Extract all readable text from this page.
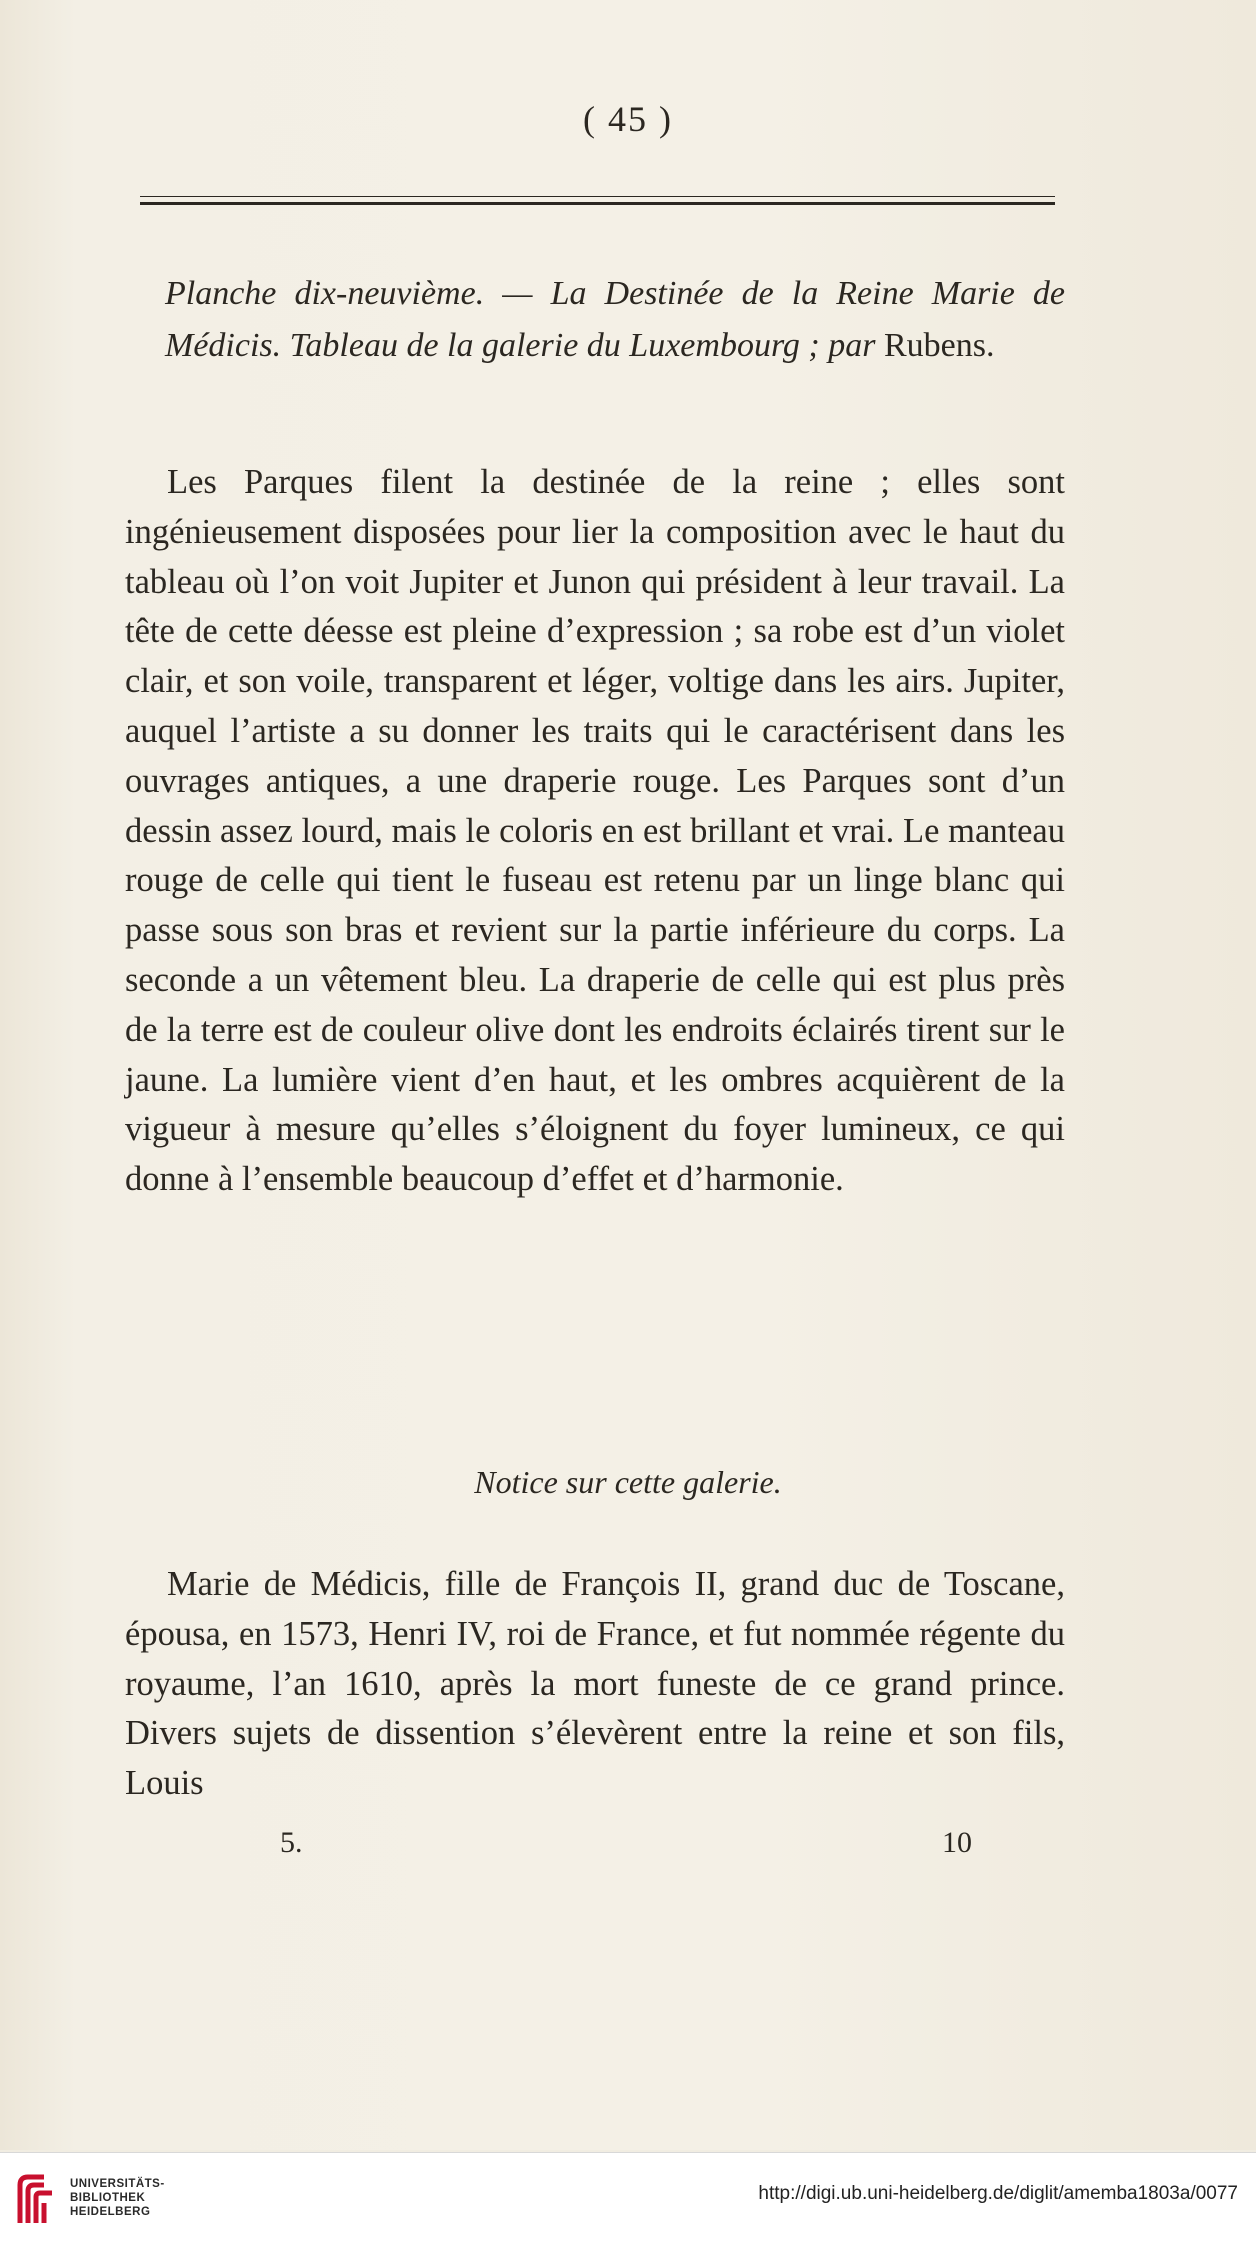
( 45 )
Planche dix-neuvième. — La Destinée de la Reine Marie de Médicis. Tableau de la galerie du Luxembourg ; par Rubens.

Les Parques filent la destinée de la reine ; elles sont ingénieusement disposées pour lier la composition avec le haut du tableau où l’on voit Jupiter et Junon qui président à leur travail. La tête de cette déesse est pleine d’expression ; sa robe est d’un violet clair, et son voile, transparent et léger, voltige dans les airs. Jupiter, auquel l’artiste a su donner les traits qui le caractérisent dans les ouvrages antiques, a une draperie rouge. Les Parques sont d’un dessin assez lourd, mais le coloris en est brillant et vrai. Le manteau rouge de celle qui tient le fuseau est retenu par un linge blanc qui passe sous son bras et revient sur la partie inférieure du corps. La seconde a un vêtement bleu. La draperie de celle qui est plus près de la terre est de couleur olive dont les endroits éclairés tirent sur le jaune. La lumière vient d’en haut, et les ombres acquièrent de la vigueur à mesure qu’elles s’éloignent du foyer lumineux, ce qui donne à l’ensemble beaucoup d’effet et d’harmonie.

Notice sur cette galerie.

Marie de Médicis, fille de François II, grand duc de Toscane, épousa, en 1573, Henri IV, roi de France, et fut nommée régente du royaume, l’an 1610, après la mort funeste de ce grand prince. Divers sujets de dissention s’élevèrent entre la reine et son fils, Louis

5.	10
UNIVERSITÄTS-
BIBLIOTHEK
HEIDELBERG
http://digi.ub.uni-heidelberg.de/diglit/amemba1803a/0077
